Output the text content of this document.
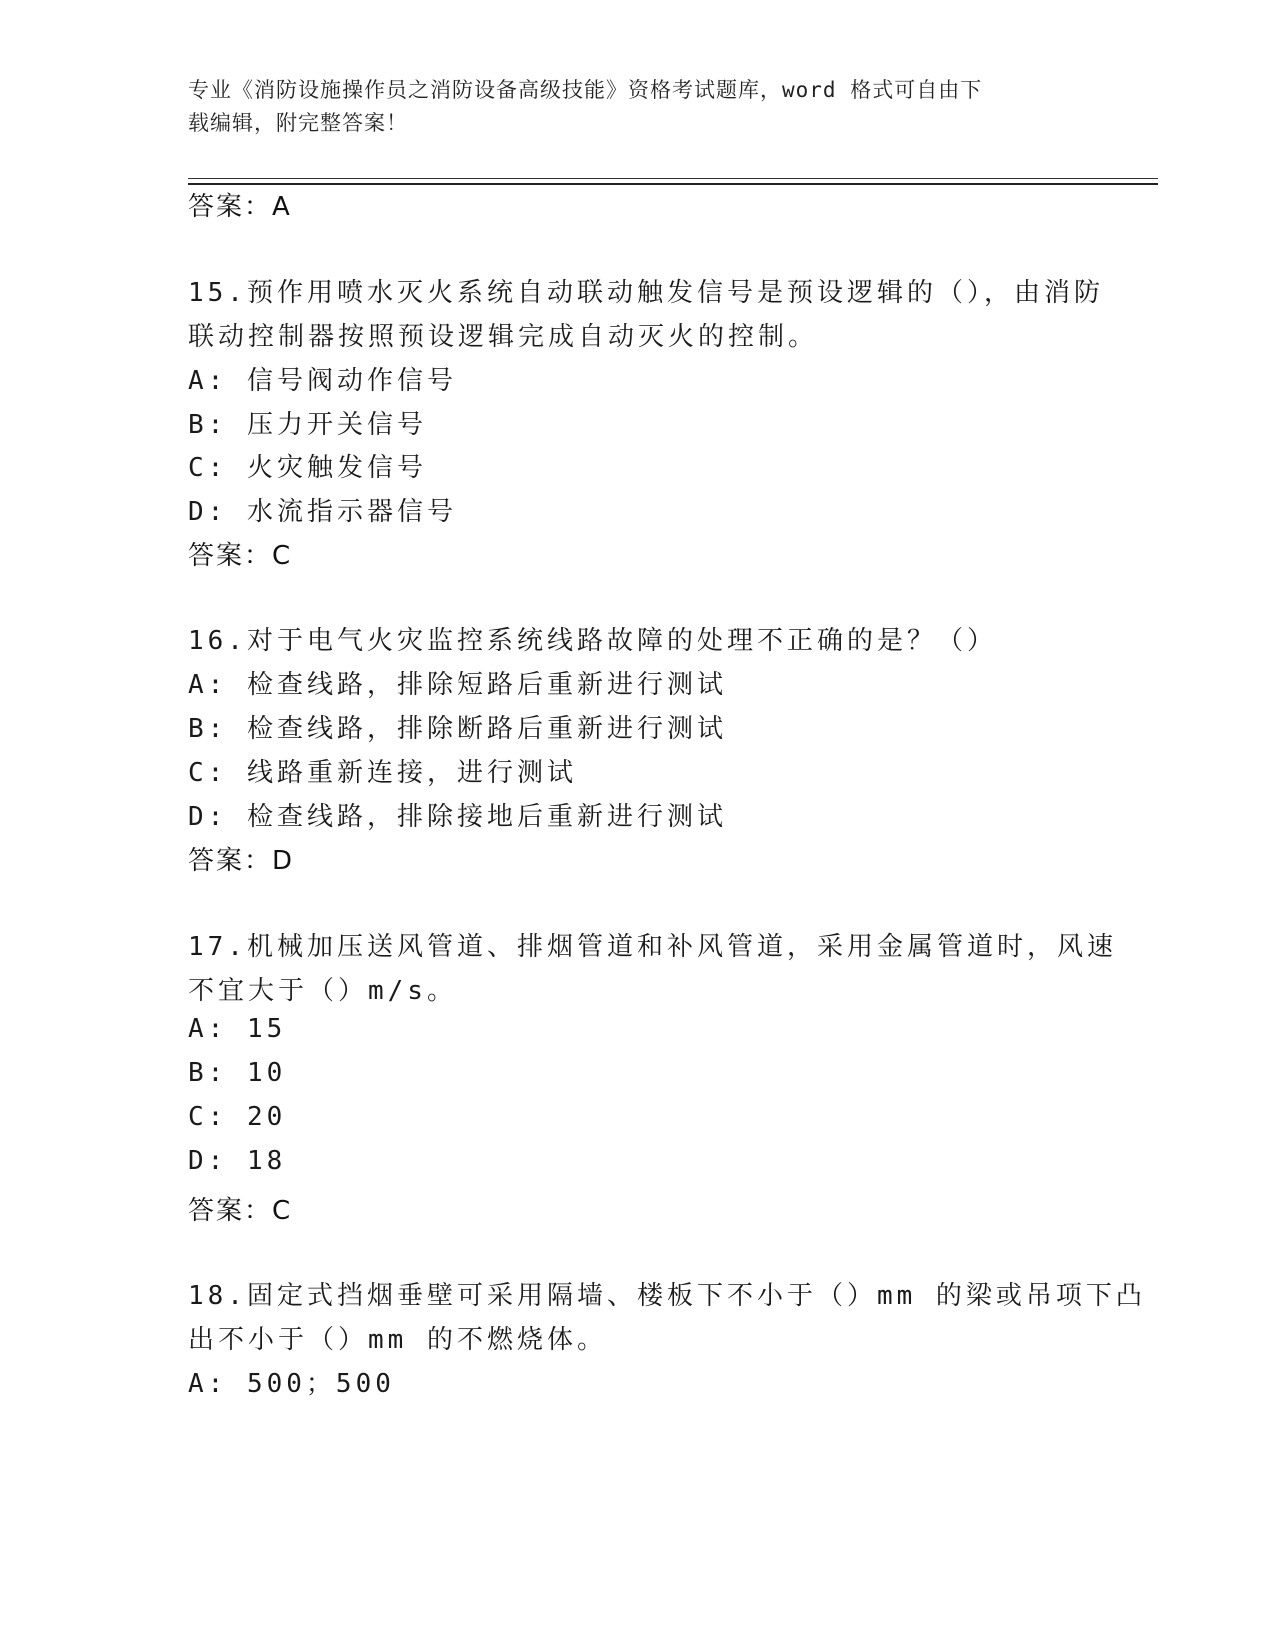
专业《消防设施操作员之消防设备高级技能》资格考试题库，word 格式可自由下
载编辑，附完整答案！
答案：A
15.预作用喷水灭火系统自动联动触发信号是预设逻辑的（），由消防
联动控制器按照预设逻辑完成自动灭火的控制。
A: 信号阀动作信号
B: 压力开关信号
C: 火灾触发信号
D: 水流指示器信号
答案：C
16.对于电气火灾监控系统线路故障的处理不正确的是？（）
A: 检查线路，排除短路后重新进行测试
B: 检查线路，排除断路后重新进行测试
C: 线路重新连接，进行测试
D: 检查线路，排除接地后重新进行测试
答案：D
17.机械加压送风管道、排烟管道和补风管道，采用金属管道时，风速
不宜大于（）m/s。
A: 15
B: 10
C: 20
D: 18
答案：C
18.固定式挡烟垂壁可采用隔墙、楼板下不小于（）mm 的梁或吊项下凸
出不小于（）mm 的不燃烧体。
A: 500；500
